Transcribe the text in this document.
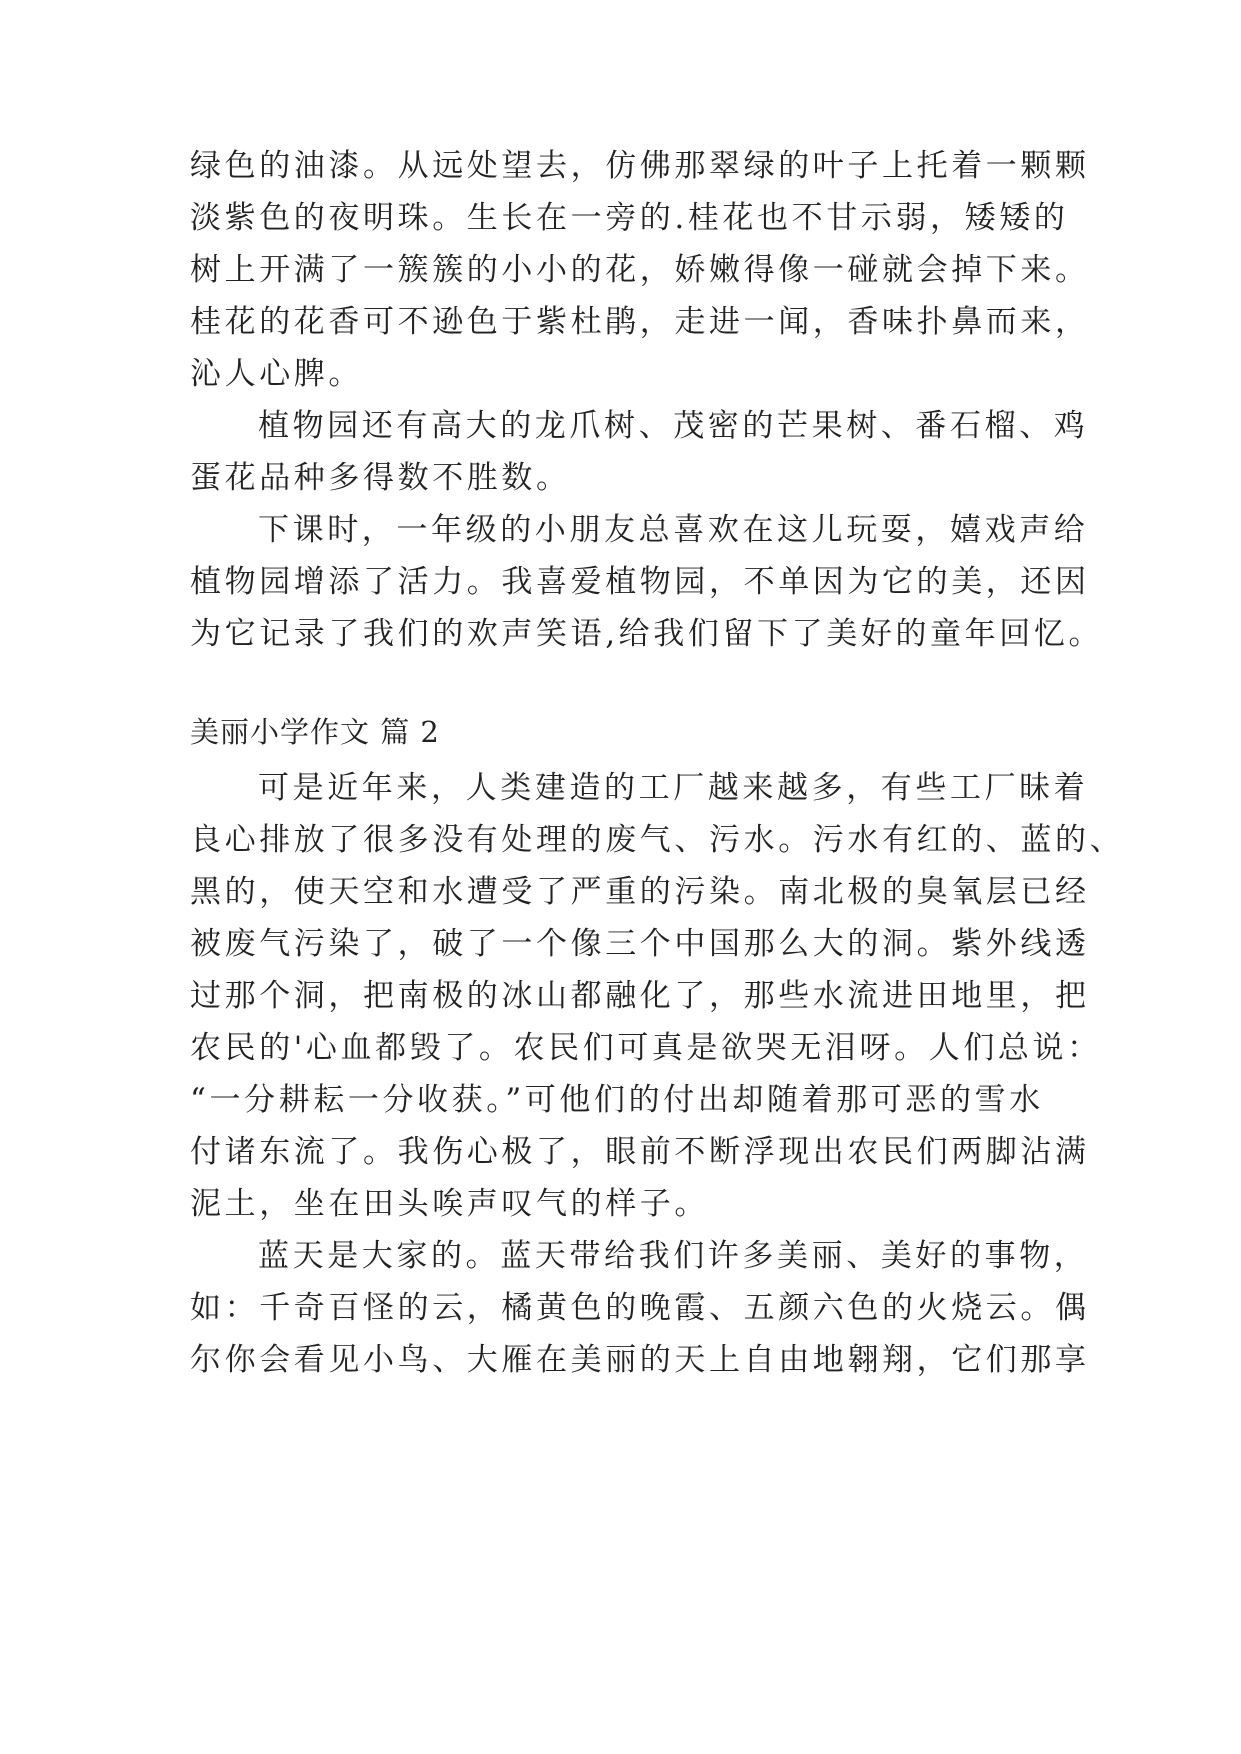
绿色的油漆。从远处望去，仿佛那翠绿的叶子上托着一颗颗
淡紫色的夜明珠。生长在一旁的.桂花也不甘示弱，矮矮的
树上开满了一簇簇的小小的花，娇嫩得像一碰就会掉下来。
桂花的花香可不逊色于紫杜鹃，走进一闻，香味扑鼻而来，
沁人心脾。
植物园还有高大的龙爪树、茂密的芒果树、番石榴、鸡
蛋花品种多得数不胜数。
下课时，一年级的小朋友总喜欢在这儿玩耍，嬉戏声给
植物园增添了活力。我喜爱植物园，不单因为它的美，还因
为它记录了我们的欢声笑语,给我们留下了美好的童年回忆。
美丽小学作文 篇 2
可是近年来，人类建造的工厂越来越多，有些工厂昧着
良心排放了很多没有处理的废气、污水。污水有红的、蓝的、
黑的，使天空和水遭受了严重的污染。南北极的臭氧层已经
被废气污染了，破了一个像三个中国那么大的洞。紫外线透
过那个洞，把南极的冰山都融化了，那些水流进田地里，把
农民的'心血都毁了。农民们可真是欲哭无泪呀。人们总说：
“一分耕耘一分收获。”可他们的付出却随着那可恶的雪水
付诸东流了。我伤心极了，眼前不断浮现出农民们两脚沾满
泥土，坐在田头唉声叹气的样子。
蓝天是大家的。蓝天带给我们许多美丽、美好的事物，
如：千奇百怪的云，橘黄色的晚霞、五颜六色的火烧云。偶
尔你会看见小鸟、大雁在美丽的天上自由地翱翔，它们那享
